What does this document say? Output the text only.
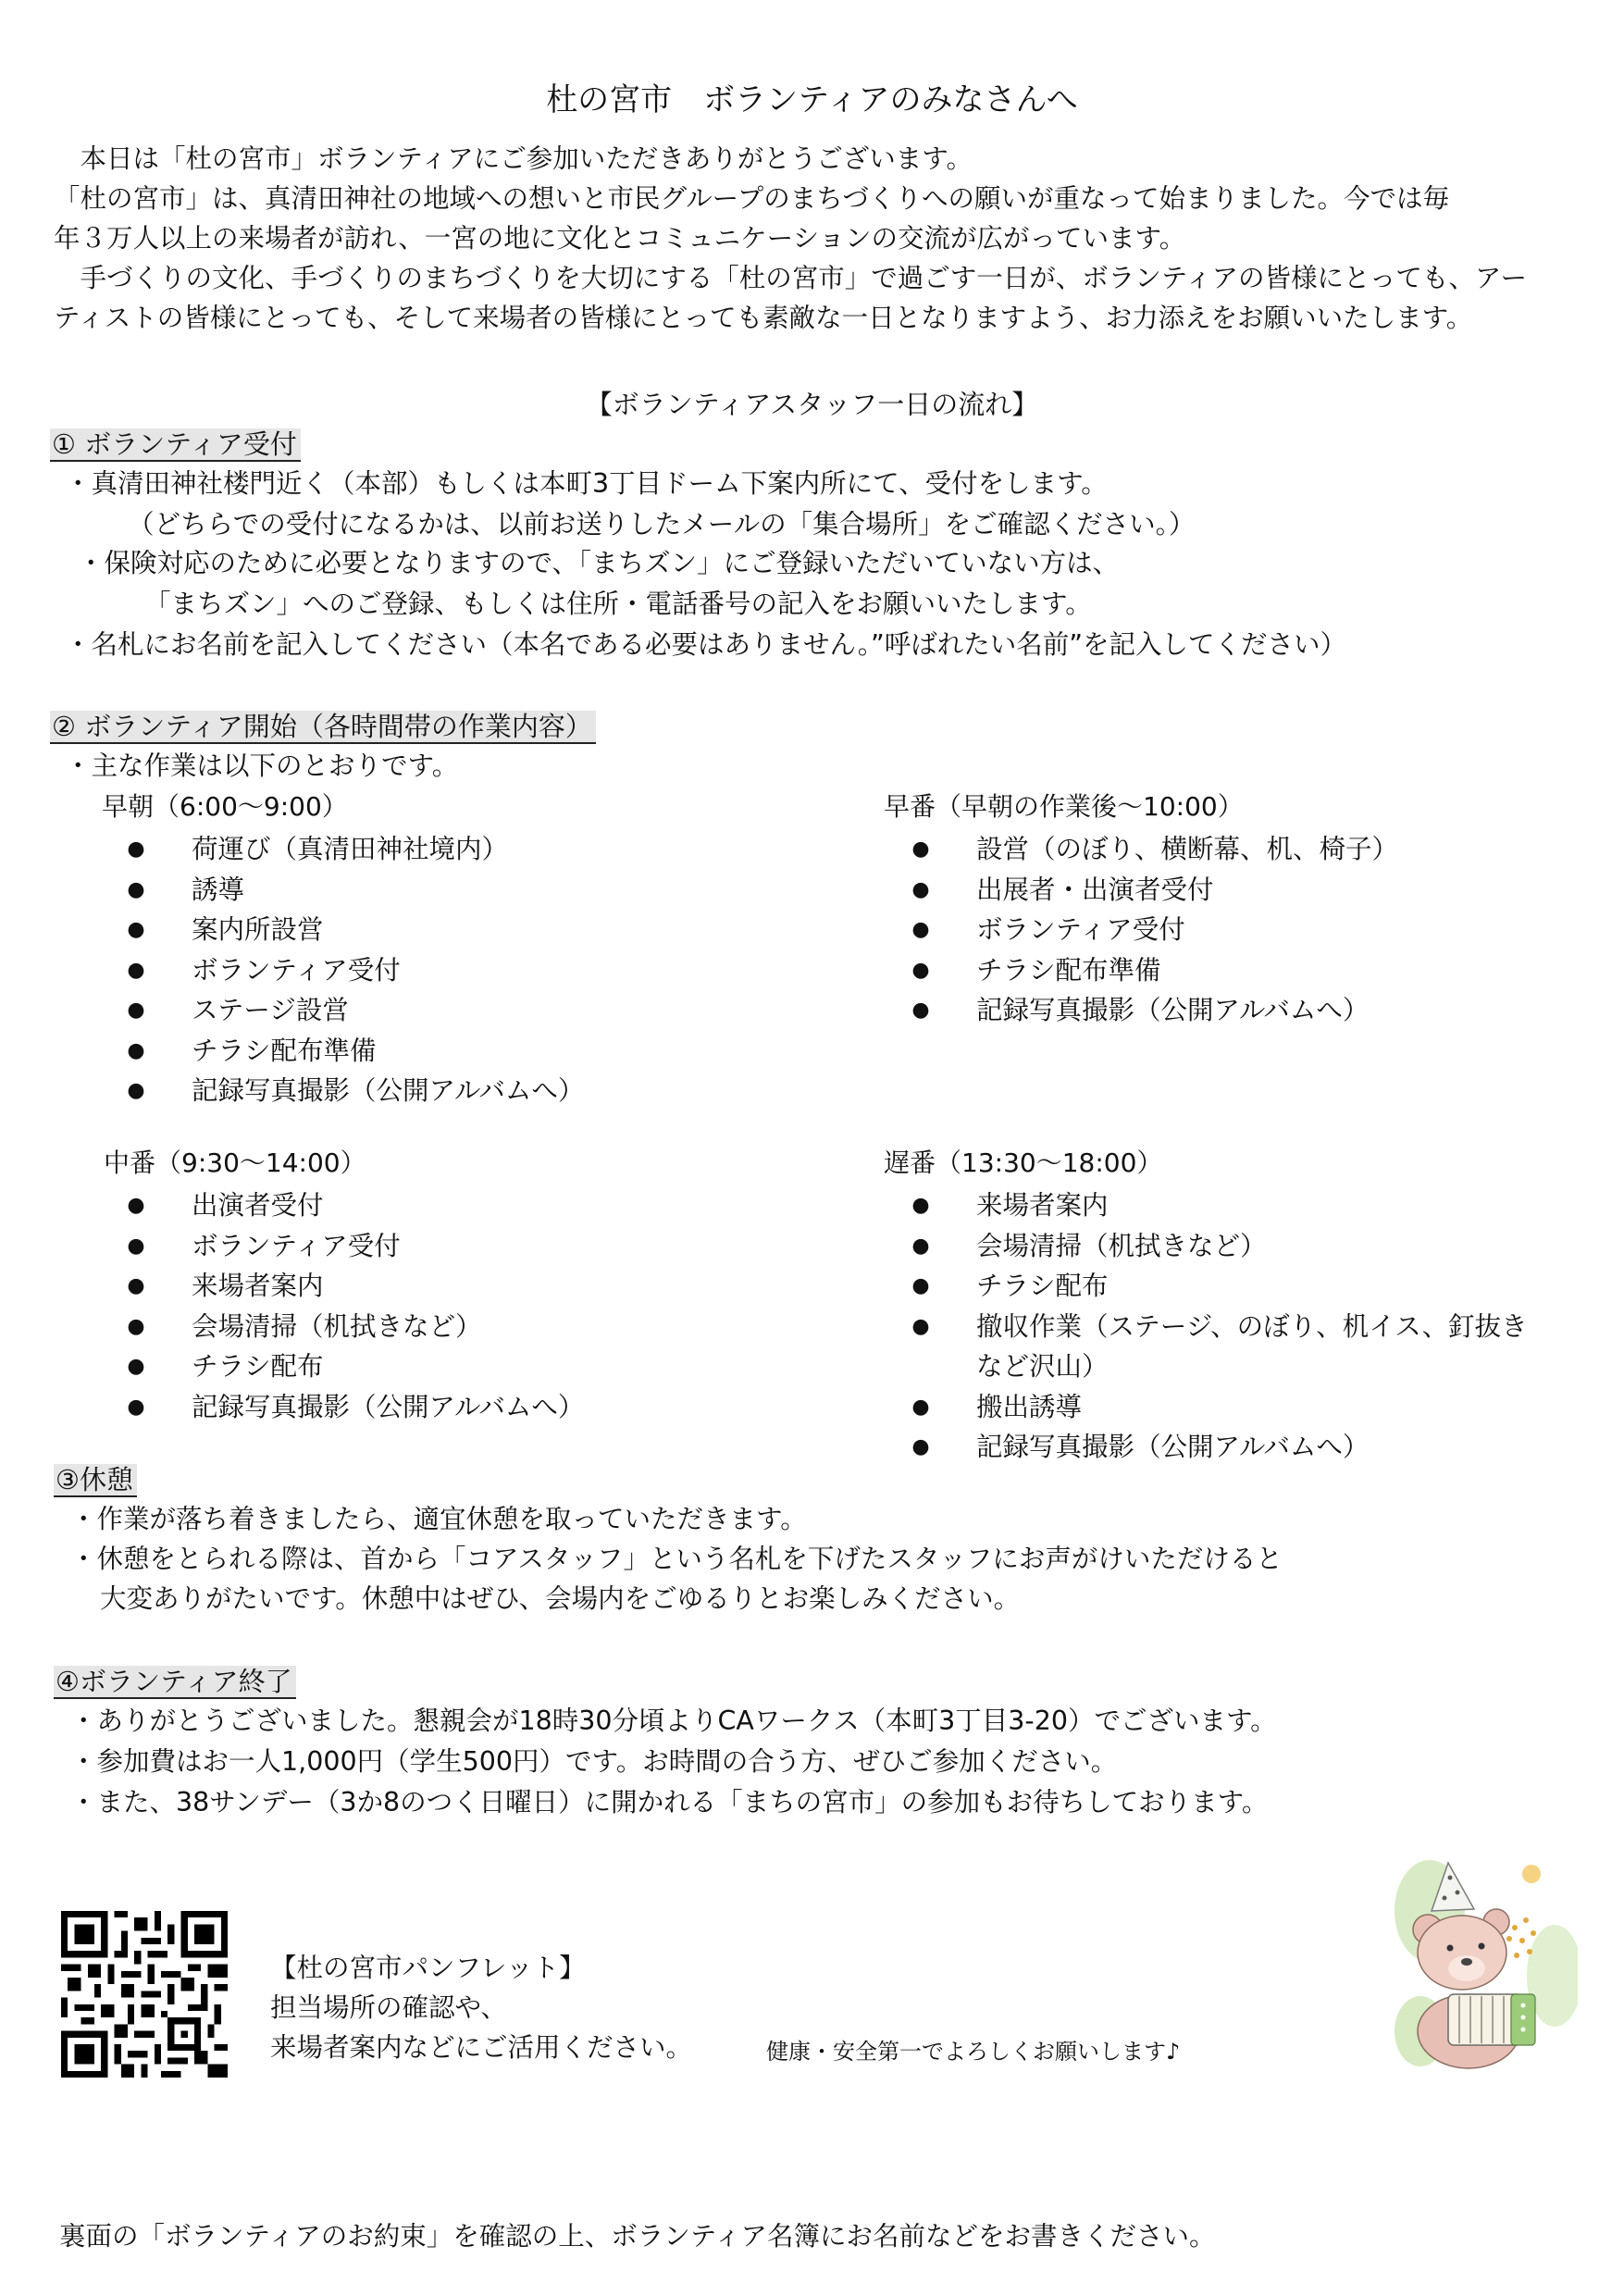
杜の宮市　ボランティアのみなさんへ

　本日は「杜の宮市」ボランティアにご参加いただきありがとうございます。

「杜の宮市」は、真清田神社の地域への想いと市民グループのまちづくりへの願いが重なって始まりました。今では毎

年３万人以上の来場者が訪れ、一宮の地に文化とコミュニケーションの交流が広がっています。

　手づくりの文化、手づくりのまちづくりを大切にする「杜の宮市」で過ごす一日が、ボランティアの皆様にとっても、アー

ティストの皆様にとっても、そして来場者の皆様にとっても素敵な一日となりますよう、お力添えをお願いいたします。

【ボランティアスタッフ一日の流れ】
① ボランティア受付
・真清田神社楼門近く（本部）もしくは本町3丁目ドーム下案内所にて、受付をします。
（どちらでの受付になるかは、以前お送りしたメールの「集合場所」をご確認ください。）
・保険対応のために必要となりますので、「まちズン」にご登録いただいていない方は、
「まちズン」へのご登録、もしくは住所・電話番号の記入をお願いいたします。
・名札にお名前を記入してください（本名である必要はありません。”呼ばれたい名前”を記入してください）
② ボランティア開始（各時間帯の作業内容）
・主な作業は以下のとおりです。
早朝（6:00～9:00）
● 荷運び（真清田神社境内）
● 誘導
● 案内所設営
● ボランティア受付
● ステージ設営
● チラシ配布準備
● 記録写真撮影（公開アルバムへ）
早番（早朝の作業後～10:00）
● 設営（のぼり、横断幕、机、椅子）
● 出展者・出演者受付
● ボランティア受付
● チラシ配布準備
● 記録写真撮影（公開アルバムへ）
中番（9:30～14:00）
● 出演者受付
● ボランティア受付
● 来場者案内
● 会場清掃（机拭きなど）
● チラシ配布
● 記録写真撮影（公開アルバムへ）
遅番（13:30～18:00）
● 来場者案内
● 会場清掃（机拭きなど）
● チラシ配布
● 撤収作業（ステージ、のぼり、机イス、釘抜きなど沢山）
● 搬出誘導
● 記録写真撮影（公開アルバムへ）
③休憩
・作業が落ち着きましたら、適宜休憩を取っていただきます。
・休憩をとられる際は、首から「コアスタッフ」という名札を下げたスタッフにお声がけいただけると
大変ありがたいです。休憩中はぜひ、会場内をごゆるりとお楽しみください。
④ボランティア終了
・ありがとうございました。懇親会が18時30分頃よりCAワークス（本町3丁目3-20）でございます。
・参加費はお一人1,000円（学生500円）です。お時間の合う方、ぜひご参加ください。
・また、38サンデー（3か8のつく日曜日）に開かれる「まちの宮市」の参加もお待ちしております。
【杜の宮市パンフレット】
担当場所の確認や、
来場者案内などにご活用ください。	健康・安全第一でよろしくお願いします♪
裏面の「ボランティアのお約束」を確認の上、ボランティア名簿にお名前などをお書きください。
